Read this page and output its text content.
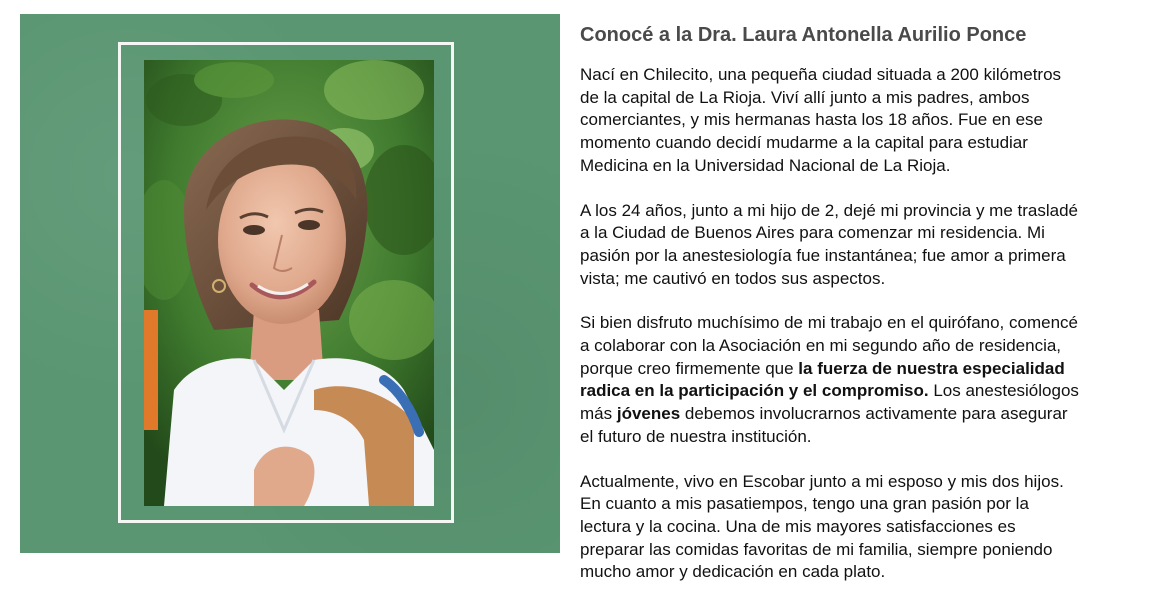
Conocé a la Dra. Laura Antonella Aurilio Ponce

Nací en Chilecito, una pequeña ciudad situada a 200 kilómetros
de la capital de La Rioja. Viví allí junto a mis padres, ambos
comerciantes, y mis hermanas hasta los 18 años. Fue en ese
momento cuando decidí mudarme a la capital para estudiar
Medicina en la Universidad Nacional de La Rioja.

A los 24 años, junto a mi hijo de 2, dejé mi provincia y me trasladé
a la Ciudad de Buenos Aires para comenzar mi residencia. Mi
pasión por la anestesiología fue instantánea; fue amor a primera
vista; me cautivó en todos sus aspectos.

Si bien disfruto muchísimo de mi trabajo en el quirófano, comencé
a colaborar con la Asociación en mi segundo año de residencia,
porque creo firmemente que la fuerza de nuestra especialidad
radica en la participación y el compromiso. Los anestesiólogos
más jóvenes debemos involucrarnos activamente para asegurar
el futuro de nuestra institución.

Actualmente, vivo en Escobar junto a mi esposo y mis dos hijos.
En cuanto a mis pasatiempos, tengo una gran pasión por la
lectura y la cocina. Una de mis mayores satisfacciones es
preparar las comidas favoritas de mi familia, siempre poniendo
mucho amor y dedicación en cada plato.
